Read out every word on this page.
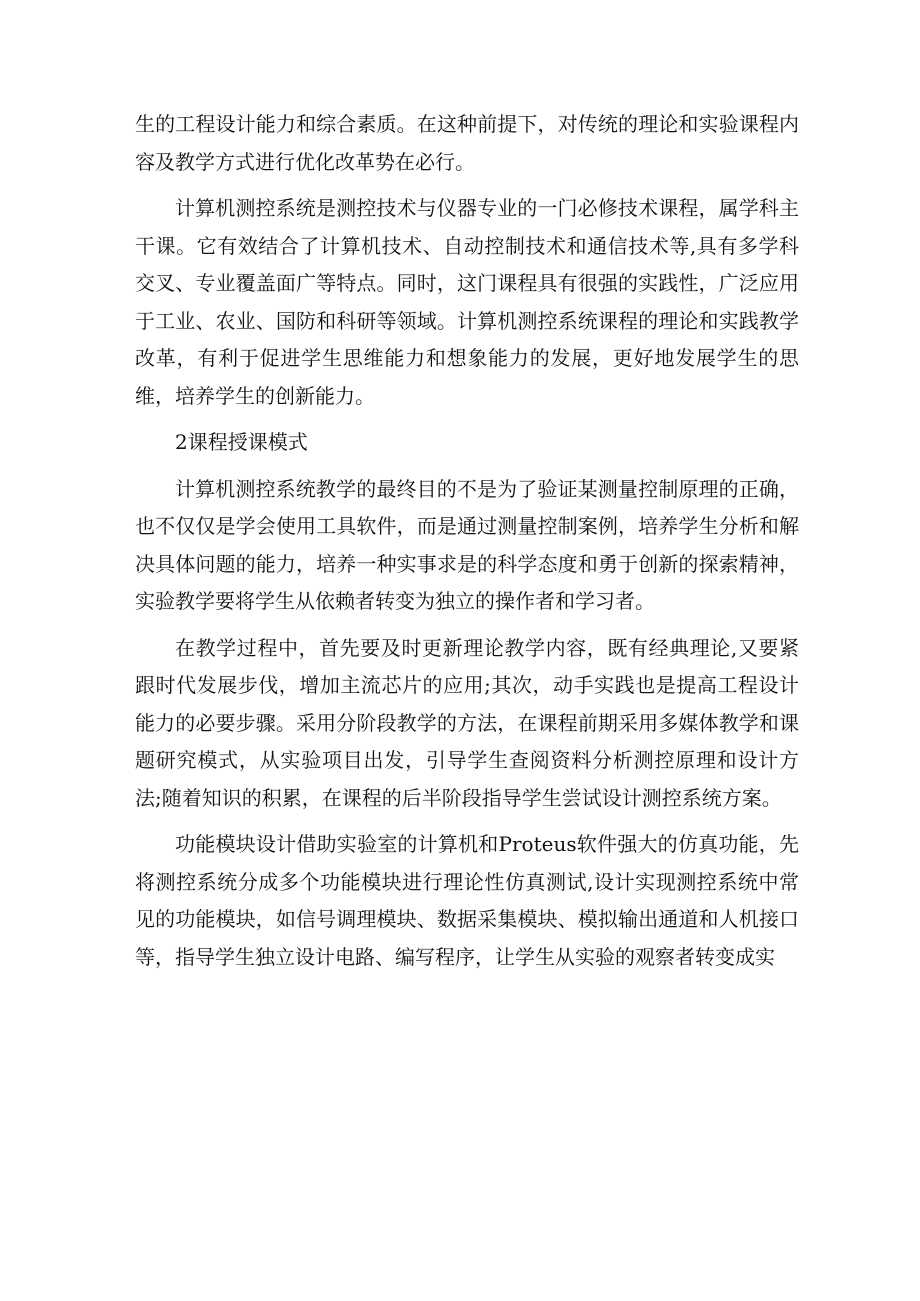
生的工程设计能力和综合素质。在这种前提下，对传统的理论和实验课程内容及教学方式进行优化改革势在必行。

计算机测控系统是测控技术与仪器专业的一门必修技术课程，属学科主干课。它有效结合了计算机技术、自动控制技术和通信技术等,具有多学科交叉、专业覆盖面广等特点。同时，这门课程具有很强的实践性，广泛应用于工业、农业、国防和科研等领域。计算机测控系统课程的理论和实践教学改革，有利于促进学生思维能力和想象能力的发展，更好地发展学生的思维，培养学生的创新能力。

2课程授课模式

计算机测控系统教学的最终目的不是为了验证某测量控制原理的正确，也不仅仅是学会使用工具软件，而是通过测量控制案例，培养学生分析和解决具体问题的能力，培养一种实事求是的科学态度和勇于创新的探索精神，实验教学要将学生从依赖者转变为独立的操作者和学习者。

在教学过程中，首先要及时更新理论教学内容，既有经典理论,又要紧跟时代发展步伐，增加主流芯片的应用;其次，动手实践也是提高工程设计能力的必要步骤。采用分阶段教学的方法，在课程前期采用多媒体教学和课题研究模式，从实验项目出发，引导学生查阅资料分析测控原理和设计方法;随着知识的积累，在课程的后半阶段指导学生尝试设计测控系统方案。

功能模块设计借助实验室的计算机和Proteus软件强大的仿真功能，先将测控系统分成多个功能模块进行理论性仿真测试,设计实现测控系统中常见的功能模块，如信号调理模块、数据采集模块、模拟输出通道和人机接口等，指导学生独立设计电路、编写程序，让学生从实验的观察者转变成实
